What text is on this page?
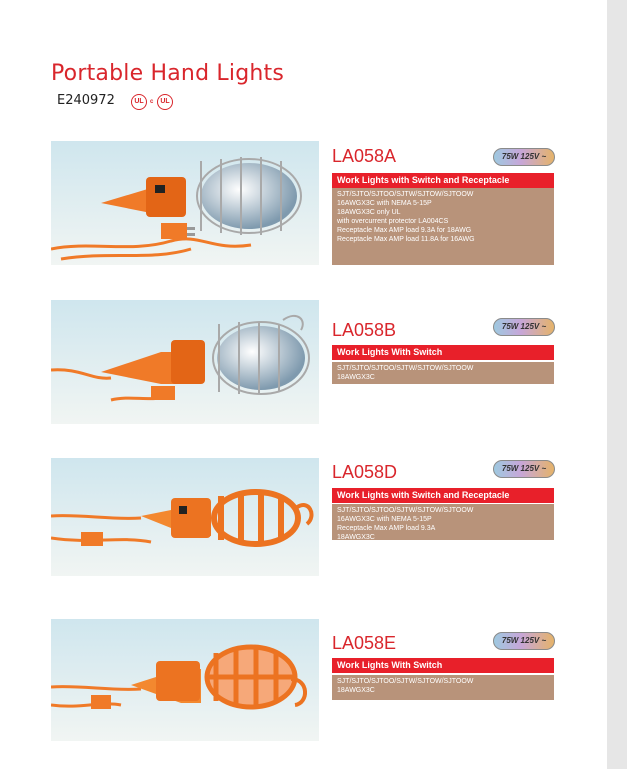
Portable Hand Lights
E240972	UL	c UL
LA058A	75W 125V ~
Work Lights with Switch and Receptacle
SJT/SJTO/SJTOO/SJTW/SJTOW/SJTOOW
16AWGX3C with NEMA 5-15P
18AWGX3C only UL
with overcurrent protector LA004CS
Receptacle Max AMP load 9.3A for 18AWG
Receptacle Max AMP load 11.8A for 16AWG
LA058B	75W 125V ~
Work Lights With Switch
SJT/SJTO/SJTOO/SJTW/SJTOW/SJTOOW
18AWGX3C
LA058D	75W 125V ~
Work Lights with Switch and Receptacle
SJT/SJTO/SJTOO/SJTW/SJTOW/SJTOOW
16AWGX3C with NEMA 5-15P
Receptacle Max AMP load 9.3A
18AWGX3C
LA058E	75W 125V ~
Work Lights With Switch
SJT/SJTO/SJTOO/SJTW/SJTOW/SJTOOW
18AWGX3C
